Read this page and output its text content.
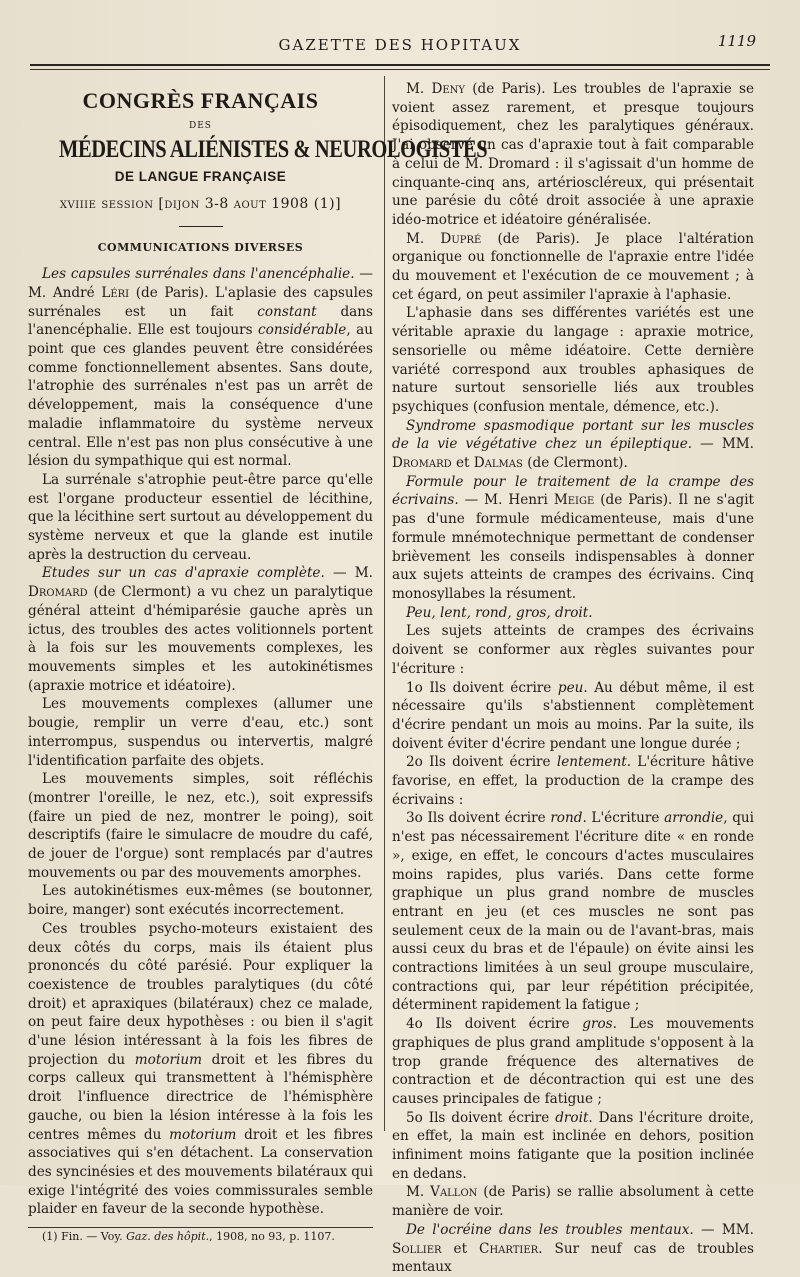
GAZETTE DES HOPITAUX	1119
CONGRÈS FRANÇAIS
DES
MÉDECINS ALIÉNISTES & NEUROLOGISTES
DE LANGUE FRANÇAISE
xviiie session [dijon 3-8 aout 1908 (1)]
COMMUNICATIONS DIVERSES

Les capsules surrénales dans l'anencéphalie. — M. André Léri (de Paris). L'aplasie des capsules surrénales est un fait constant dans l'anencéphalie. Elle est toujours considérable, au point que ces glandes peuvent être considérées comme fonctionnellement absentes. Sans doute, l'atrophie des surrénales n'est pas un arrêt de développement, mais la conséquence d'une maladie inflammatoire du système nerveux central. Elle n'est pas non plus consécutive à une lésion du sympathique qui est normal.

La surrénale s'atrophie peut-être parce qu'elle est l'organe producteur essentiel de lécithine, que la lécithine sert surtout au développement du système nerveux et que la glande est inutile après la destruction du cerveau.

Etudes sur un cas d'apraxie complète. — M. Dromard (de Clermont) a vu chez un paralytique général atteint d'hémiparésie gauche après un ictus, des troubles des actes volitionnels portent à la fois sur les mouvements complexes, les mouvements simples et les autokinétismes (apraxie motrice et idéatoire).

Les mouvements complexes (allumer une bougie, remplir un verre d'eau, etc.) sont interrompus, suspendus ou intervertis, malgré l'identification parfaite des objets.

Les mouvements simples, soit réfléchis (montrer l'oreille, le nez, etc.), soit expressifs (faire un pied de nez, montrer le poing), soit descriptifs (faire le simulacre de moudre du café, de jouer de l'orgue) sont remplacés par d'autres mouvements ou par des mouvements amorphes.

Les autokinétismes eux-mêmes (se boutonner, boire, manger) sont exécutés incorrectement.

Ces troubles psycho-moteurs existaient des deux côtés du corps, mais ils étaient plus prononcés du côté parésié. Pour expliquer la coexistence de troubles paralytiques (du côté droit) et apraxiques (bilatéraux) chez ce malade, on peut faire deux hypothèses : ou bien il s'agit d'une lésion intéressant à la fois les fibres de projection du motorium droit et les fibres du corps calleux qui transmettent à l'hémisphère droit l'influence directrice de l'hémisphère gauche, ou bien la lésion intéresse à la fois les centres mêmes du motorium droit et les fibres associatives qui s'en détachent. La conservation des syncinésies et des mouvements bilatéraux qui exige l'intégrité des voies commissurales semble plaider en faveur de la seconde hypothèse.

(1) Fin. — Voy. Gaz. des hôpit., 1908, no 93, p. 1107.

M. Deny (de Paris). Les troubles de l'apraxie se voient assez rarement, et presque toujours épisodiquement, chez les paralytiques généraux. J'ai observé un cas d'apraxie tout à fait comparable à celui de M. Dromard : il s'agissait d'un homme de cinquante-cinq ans, artérioscléreux, qui présentait une parésie du côté droit associée à une apraxie idéo-motrice et idéatoire généralisée.

M. Dupré (de Paris). Je place l'altération organique ou fonctionnelle de l'apraxie entre l'idée du mouvement et l'exécution de ce mouvement ; à cet égard, on peut assimiler l'apraxie à l'aphasie.

L'aphasie dans ses différentes variétés est une véritable apraxie du langage : apraxie motrice, sensorielle ou même idéatoire. Cette dernière variété correspond aux troubles aphasiques de nature surtout sensorielle liés aux troubles psychiques (confusion mentale, démence, etc.).

Syndrome spasmodique portant sur les muscles de la vie végétative chez un épileptique. — MM. Dromard et Dalmas (de Clermont).

Formule pour le traitement de la crampe des écrivains. — M. Henri Meige (de Paris). Il ne s'agit pas d'une formule médicamenteuse, mais d'une formule mnémotechnique permettant de condenser brièvement les conseils indispensables à donner aux sujets atteints de crampes des écrivains. Cinq monosyllabes la résument.

Peu, lent, rond, gros, droit.

Les sujets atteints de crampes des écrivains doivent se conformer aux règles suivantes pour l'écriture :

1o Ils doivent écrire peu. Au début même, il est nécessaire qu'ils s'abstiennent complètement d'écrire pendant un mois au moins. Par la suite, ils doivent éviter d'écrire pendant une longue durée ;

2o Ils doivent écrire lentement. L'écriture hâtive favorise, en effet, la production de la crampe des écrivains :

3o Ils doivent écrire rond. L'écriture arrondie, qui n'est pas nécessairement l'écriture dite « en ronde », exige, en effet, le concours d'actes musculaires moins rapides, plus variés. Dans cette forme graphique un plus grand nombre de muscles entrant en jeu (et ces muscles ne sont pas seulement ceux de la main ou de l'avant-bras, mais aussi ceux du bras et de l'épaule) on évite ainsi les contractions limitées à un seul groupe musculaire, contractions qui, par leur répétition précipitée, déterminent rapidement la fatigue ;

4o Ils doivent écrire gros. Les mouvements graphiques de plus grand amplitude s'opposent à la trop grande fréquence des alternatives de contraction et de décontraction qui est une des causes principales de fatigue ;

5o Ils doivent écrire droit. Dans l'écriture droite, en effet, la main est inclinée en dehors, position infiniment moins fatigante que la position inclinée en dedans.

M. Vallon (de Paris) se rallie absolument à cette manière de voir.

De l'ocréine dans les troubles mentaux. — MM. Sollier et Chartier. Sur neuf cas de troubles mentaux
